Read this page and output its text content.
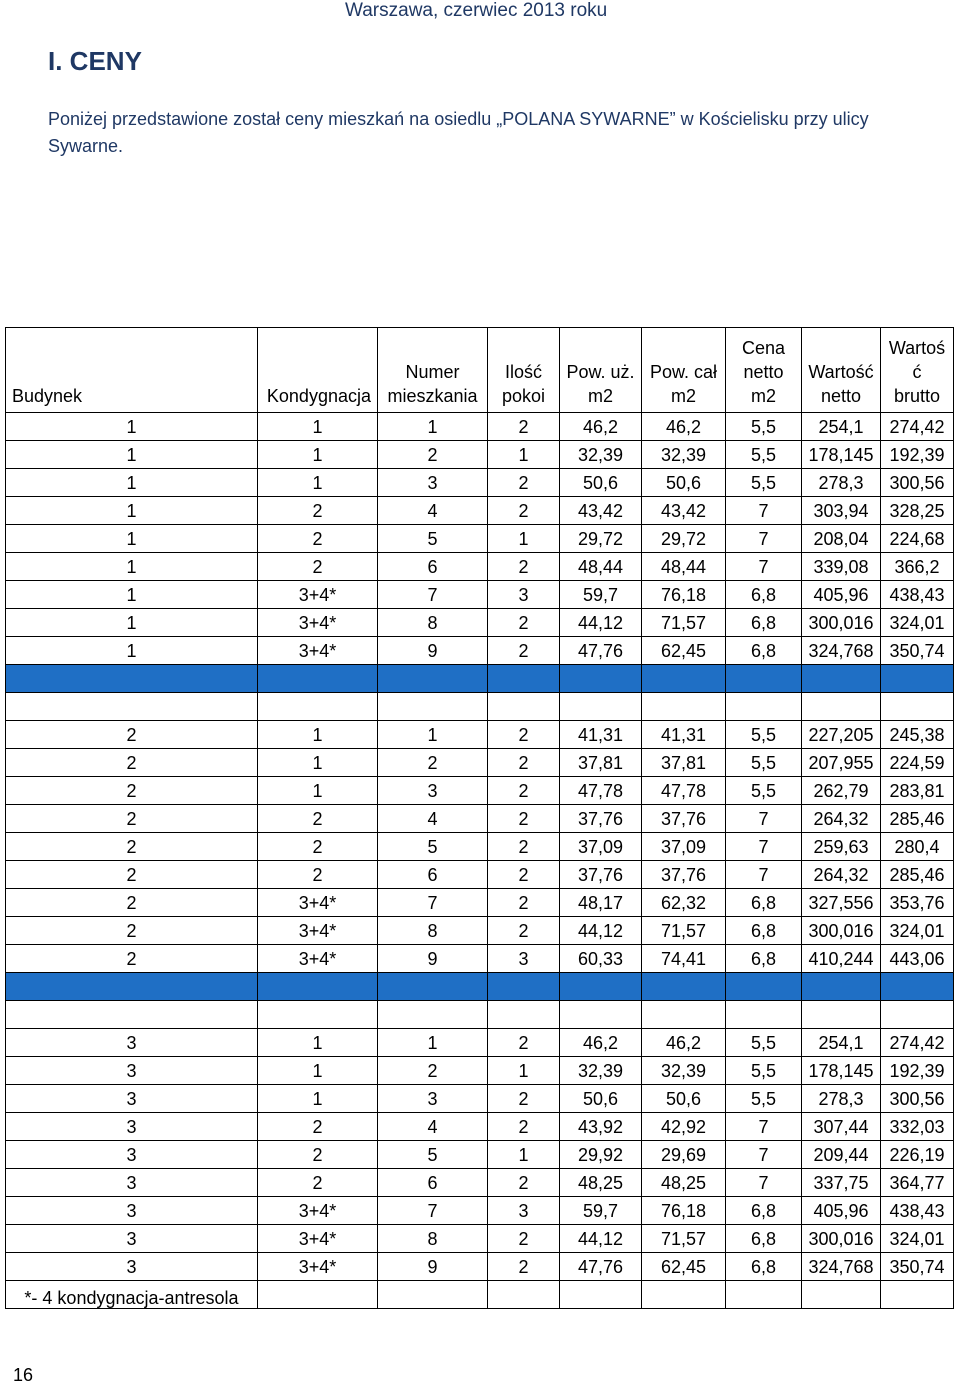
Warszawa, czerwiec 2013 roku
I. CENY
Poniżej przedstawione został ceny mieszkań na osiedlu „POLANA SYWARNE” w Kościelisku przy ulicy Sywarne.
Budynek	Kondygnacja	Numer mieszkania	Ilość pokoi	Pow. uż. m2	Pow. cał m2	Cena netto m2	Wartość netto	Wartoś ć brutto
1	1	1	2	46,2	46,2	5,5	254,1	274,42
1	1	2	1	32,39	32,39	5,5	178,145	192,39
1	1	3	2	50,6	50,6	5,5	278,3	300,56
1	2	4	2	43,42	43,42	7	303,94	328,25
1	2	5	1	29,72	29,72	7	208,04	224,68
1	2	6	2	48,44	48,44	7	339,08	366,2
1	3+4*	7	3	59,7	76,18	6,8	405,96	438,43
1	3+4*	8	2	44,12	71,57	6,8	300,016	324,01
1	3+4*	9	2	47,76	62,45	6,8	324,768	350,74

2	1	1	2	41,31	41,31	5,5	227,205	245,38
2	1	2	2	37,81	37,81	5,5	207,955	224,59
2	1	3	2	47,78	47,78	5,5	262,79	283,81
2	2	4	2	37,76	37,76	7	264,32	285,46
2	2	5	2	37,09	37,09	7	259,63	280,4
2	2	6	2	37,76	37,76	7	264,32	285,46
2	3+4*	7	2	48,17	62,32	6,8	327,556	353,76
2	3+4*	8	2	44,12	71,57	6,8	300,016	324,01
2	3+4*	9	3	60,33	74,41	6,8	410,244	443,06

3	1	1	2	46,2	46,2	5,5	254,1	274,42
3	1	2	1	32,39	32,39	5,5	178,145	192,39
3	1	3	2	50,6	50,6	5,5	278,3	300,56
3	2	4	2	43,92	42,92	7	307,44	332,03
3	2	5	1	29,92	29,69	7	209,44	226,19
3	2	6	2	48,25	48,25	7	337,75	364,77
3	3+4*	7	3	59,7	76,18	6,8	405,96	438,43
3	3+4*	8	2	44,12	71,57	6,8	300,016	324,01
3	3+4*	9	2	47,76	62,45	6,8	324,768	350,74
*- 4 kondygnacja-antresola								
16
